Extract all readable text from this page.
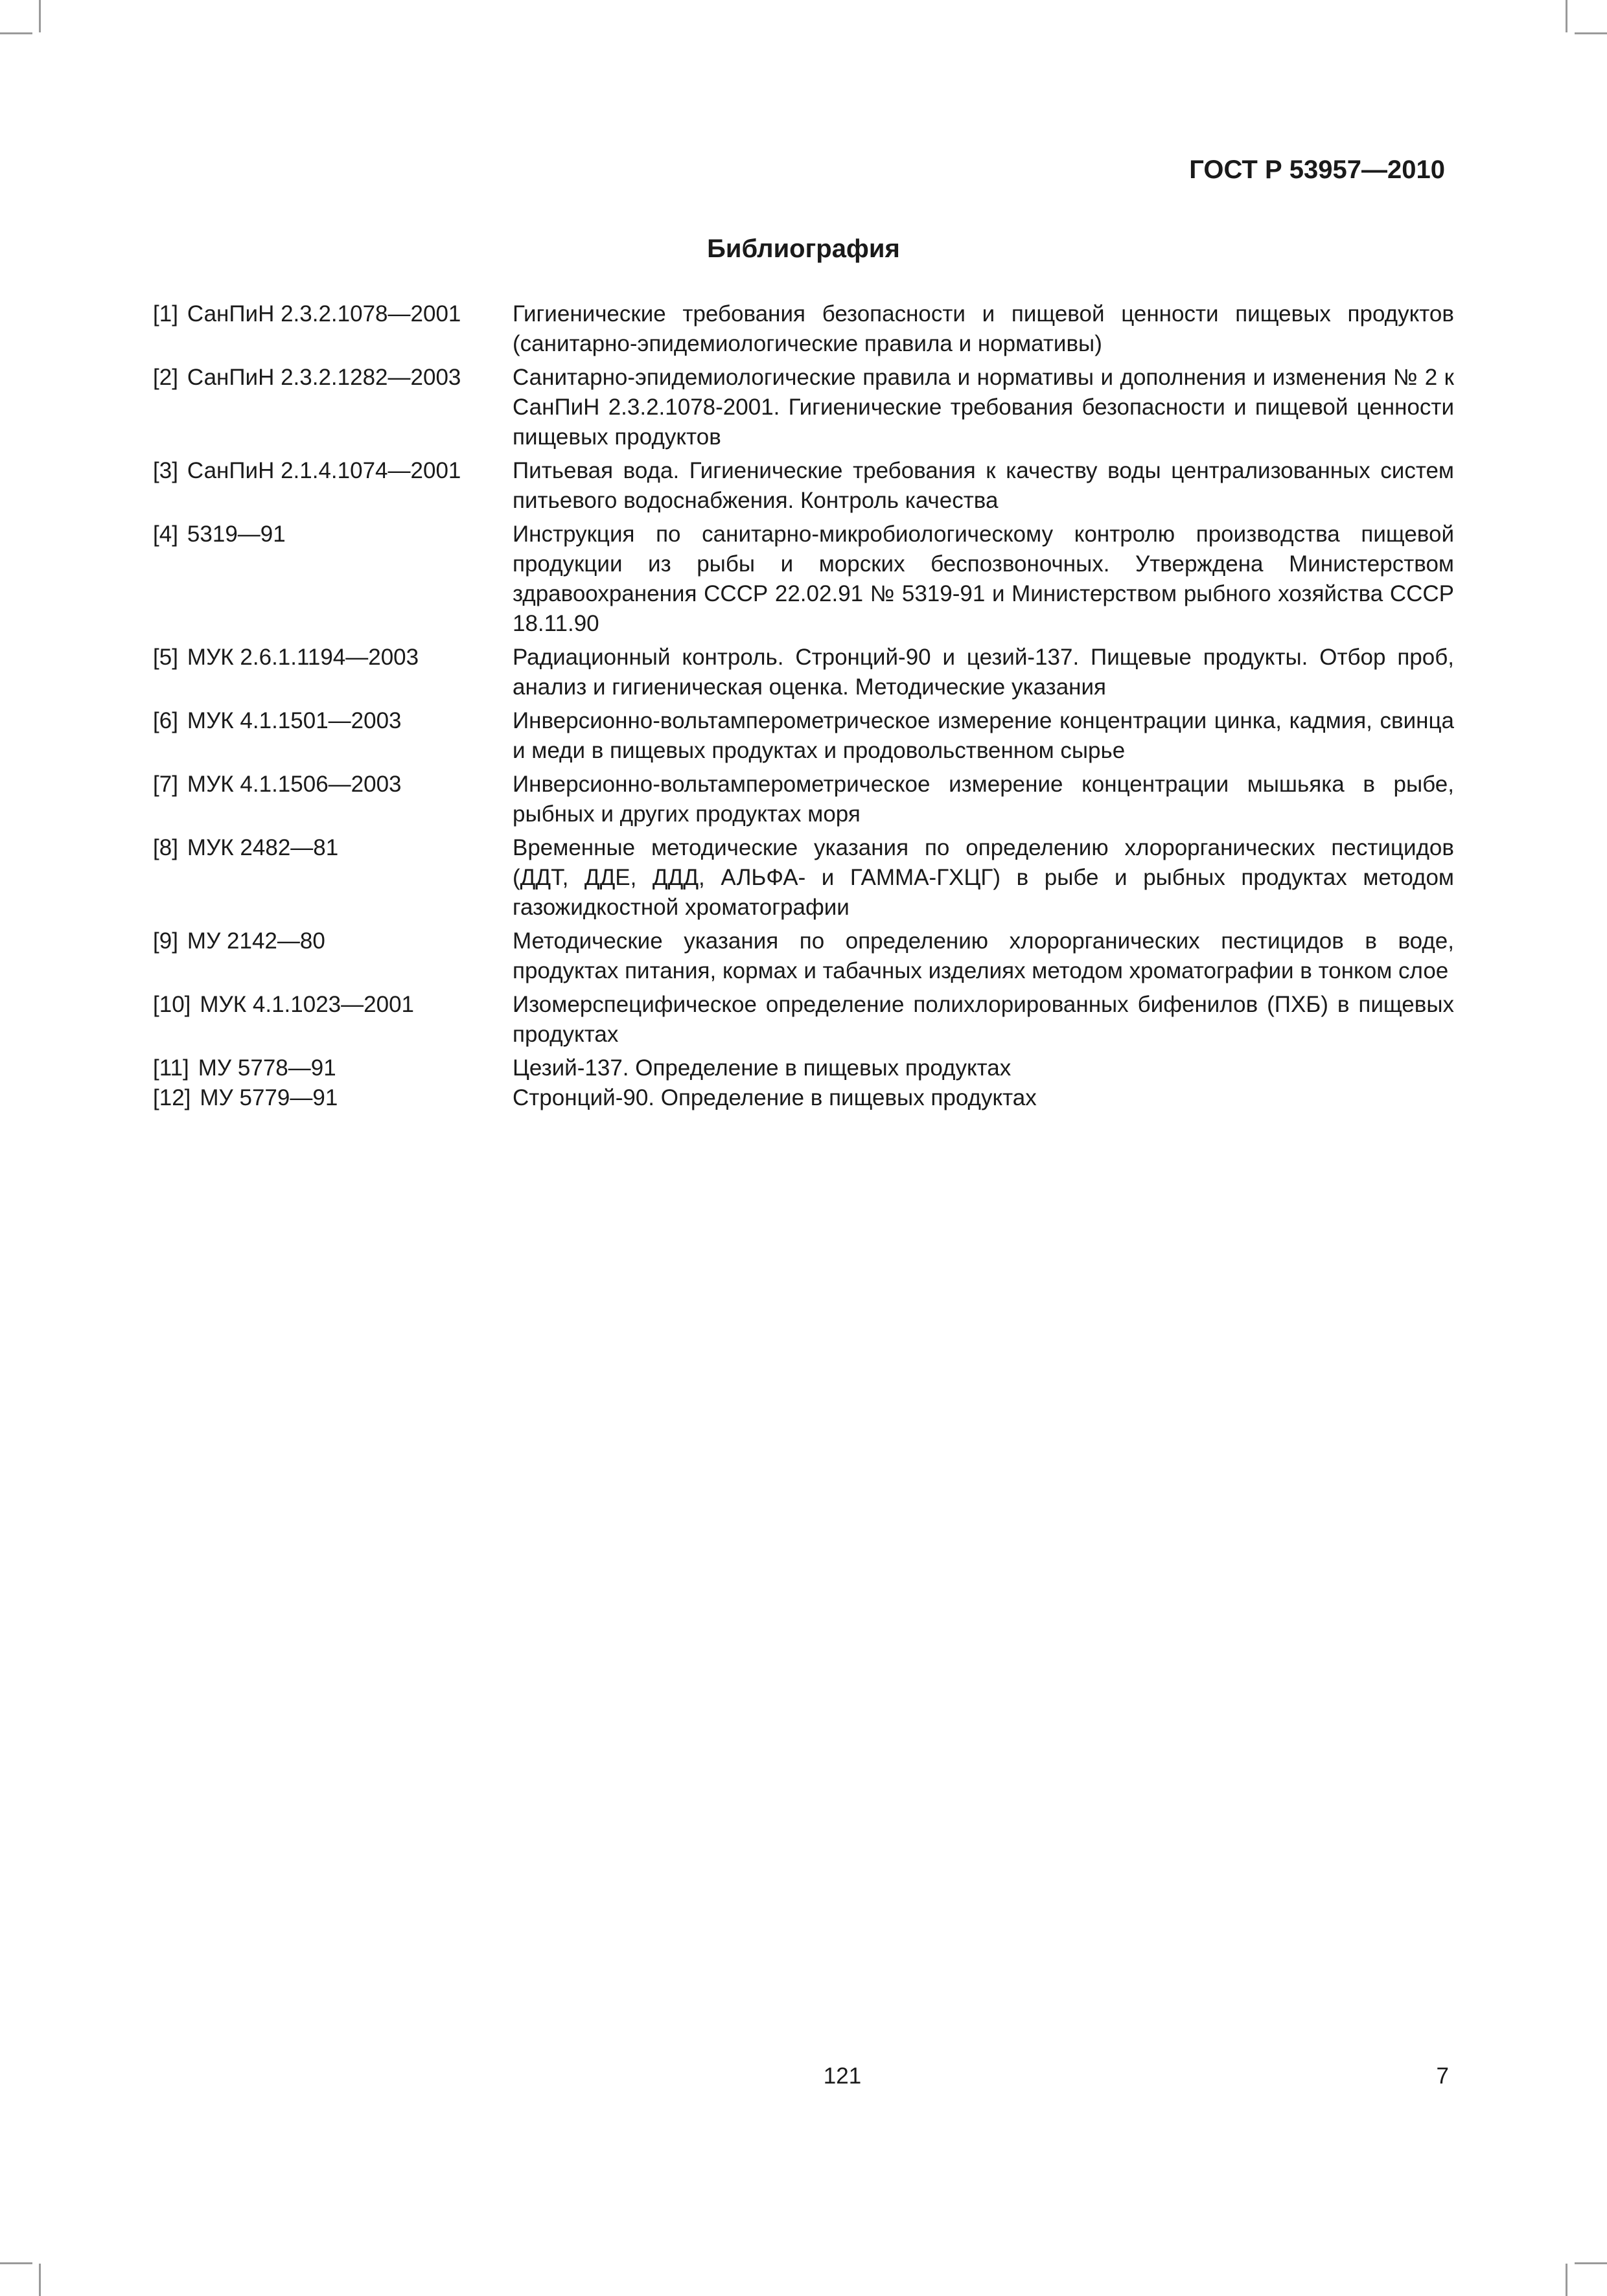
ГОСТ Р 53957—2010
Библиография
[1] СанПиН 2.3.2.1078—2001	Гигиенические требования безопасности и пищевой ценности пищевых продуктов (санитарно-эпидемиологические правила и нормативы)
[2] СанПиН 2.3.2.1282—2003	Санитарно-эпидемиологические правила и нормативы и дополнения и изменения № 2 к СанПиН 2.3.2.1078-2001. Гигиенические требования безопасности и пищевой ценности пищевых продуктов
[3] СанПиН 2.1.4.1074—2001	Питьевая вода. Гигиенические требования к качеству воды централизованных систем питьевого водоснабжения. Контроль качества
[4] 5319—91	Инструкция по санитарно-микробиологическому контролю производства пищевой продукции из рыбы и морских беспозвоночных. Утверждена Министерством здравоохранения СССР 22.02.91 № 5319-91 и Министерством рыбного хозяйства СССР 18.11.90
[5] МУК 2.6.1.1194—2003	Радиационный контроль. Стронций-90 и цезий-137. Пищевые продукты. Отбор проб, анализ и гигиеническая оценка. Методические указания
[6] МУК 4.1.1501—2003	Инверсионно-вольтамперометрическое измерение концентрации цинка, кадмия, свинца и меди в пищевых продуктах и продовольственном сырье
[7] МУК 4.1.1506—2003	Инверсионно-вольтамперометрическое измерение концентрации мышьяка в рыбе, рыбных и других продуктах моря
[8] МУК 2482—81	Временные методические указания по определению хлорорганических пестицидов (ДДТ, ДДЕ, ДДД, АЛЬФА- и ГАММА-ГХЦГ) в рыбе и рыбных продуктах методом газожидкостной хроматографии
[9] МУ 2142—80	Методические указания по определению хлорорганических пестицидов в воде, продуктах питания, кормах и табачных изделиях методом хроматографии в тонком слое
[10] МУК 4.1.1023—2001	Изомерспецифическое определение полихлорированных бифенилов (ПХБ) в пищевых продуктах
[11] МУ 5778—91	Цезий-137. Определение в пищевых продуктах
[12] МУ 5779—91	Стронций-90. Определение в пищевых продуктах
121	7
